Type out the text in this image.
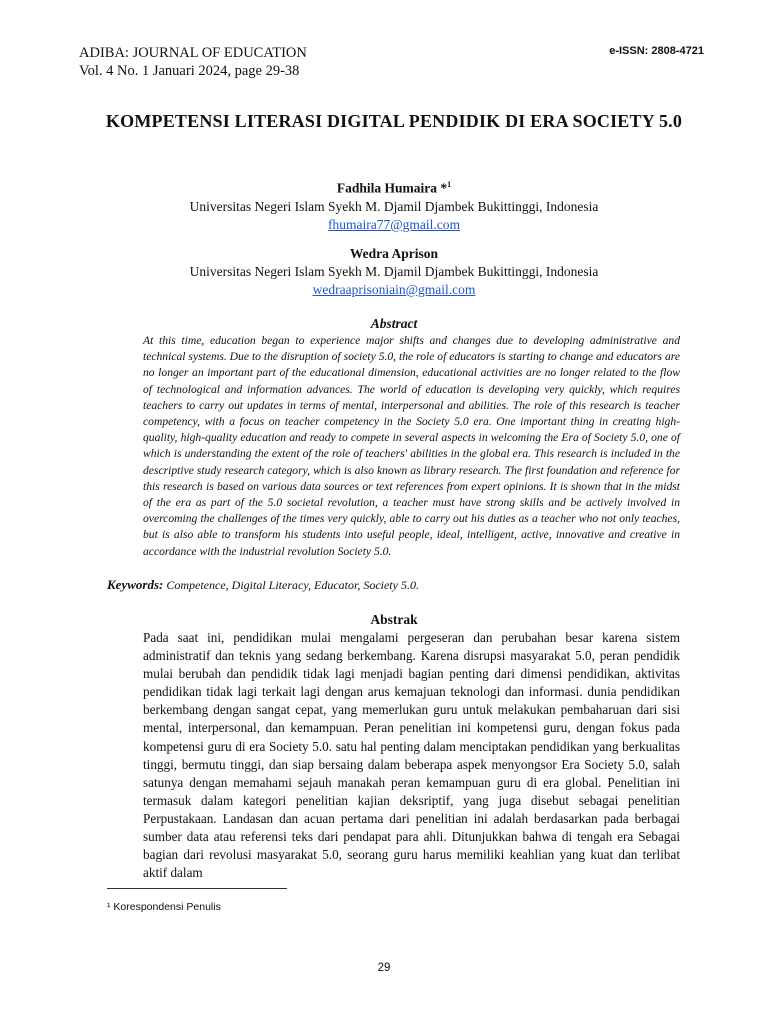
ADIBA: JOURNAL OF EDUCATION
Vol. 4 No. 1 Januari 2024, page 29-38
e-ISSN: 2808-4721
KOMPETENSI LITERASI DIGITAL PENDIDIK DI ERA SOCIETY 5.0
Fadhila Humaira *$^1$
Universitas Negeri Islam Syekh M. Djamil Djambek Bukittinggi, Indonesia
fhumaira77@gmail.com
Wedra Aprison
Universitas Negeri Islam Syekh M. Djamil Djambek Bukittinggi, Indonesia
wedraaprisoniain@gmail.com
Abstract
At this time, education began to experience major shifts and changes due to developing administrative and technical systems. Due to the disruption of society 5.0, the role of educators is starting to change and educators are no longer an important part of the educational dimension, educational activities are no longer related to the flow of technological and information advances. The world of education is developing very quickly, which requires teachers to carry out updates in terms of mental, interpersonal and abilities. The role of this research is teacher competency, with a focus on teacher competency in the Society 5.0 era. One important thing in creating high-quality, high-quality education and ready to compete in several aspects in welcoming the Era of Society 5.0, one of which is understanding the extent of the role of teachers' abilities in the global era. This research is included in the descriptive study research category, which is also known as library research. The first foundation and reference for this research is based on various data sources or text references from expert opinions. It is shown that in the midst of the era as part of the 5.0 societal revolution, a teacher must have strong skills and be actively involved in overcoming the challenges of the times very quickly, able to carry out his duties as a teacher who not only teaches, but is also able to transform his students into useful people, ideal, intelligent, active, innovative and creative in accordance with the industrial revolution Society 5.0.
Keywords: Competence, Digital Literacy, Educator, Society 5.0.
Abstrak
Pada saat ini, pendidikan mulai mengalami pergeseran dan perubahan besar karena sistem administratif dan teknis yang sedang berkembang. Karena disrupsi masyarakat 5.0, peran pendidik mulai berubah dan pendidik tidak lagi menjadi bagian penting dari dimensi pendidikan, aktivitas pendidikan tidak lagi terkait lagi dengan arus kemajuan teknologi dan informasi. dunia pendidikan berkembang dengan sangat cepat, yang memerlukan guru untuk melakukan pembaharuan dari sisi mental, interpersonal, dan kemampuan. Peran penelitian ini kompetensi guru, dengan fokus pada kompetensi guru di era Society 5.0. satu hal penting dalam menciptakan pendidikan yang berkualitas tinggi, bermutu tinggi, dan siap bersaing dalam beberapa aspek menyongsor Era Society 5.0, salah satunya dengan memahami sejauh manakah peran kemampuan guru di era global. Penelitian ini termasuk dalam kategori penelitian kajian deksriptif, yang juga disebut sebagai penelitian Perpustakaan. Landasan dan acuan pertama dari penelitian ini adalah berdasarkan pada berbagai sumber data atau referensi teks dari pendapat para ahli. Ditunjukkan bahwa di tengah era Sebagai bagian dari revolusi masyarakat 5.0, seorang guru harus memiliki keahlian yang kuat dan terlibat aktif dalam
¹ Korespondensi Penulis
29
